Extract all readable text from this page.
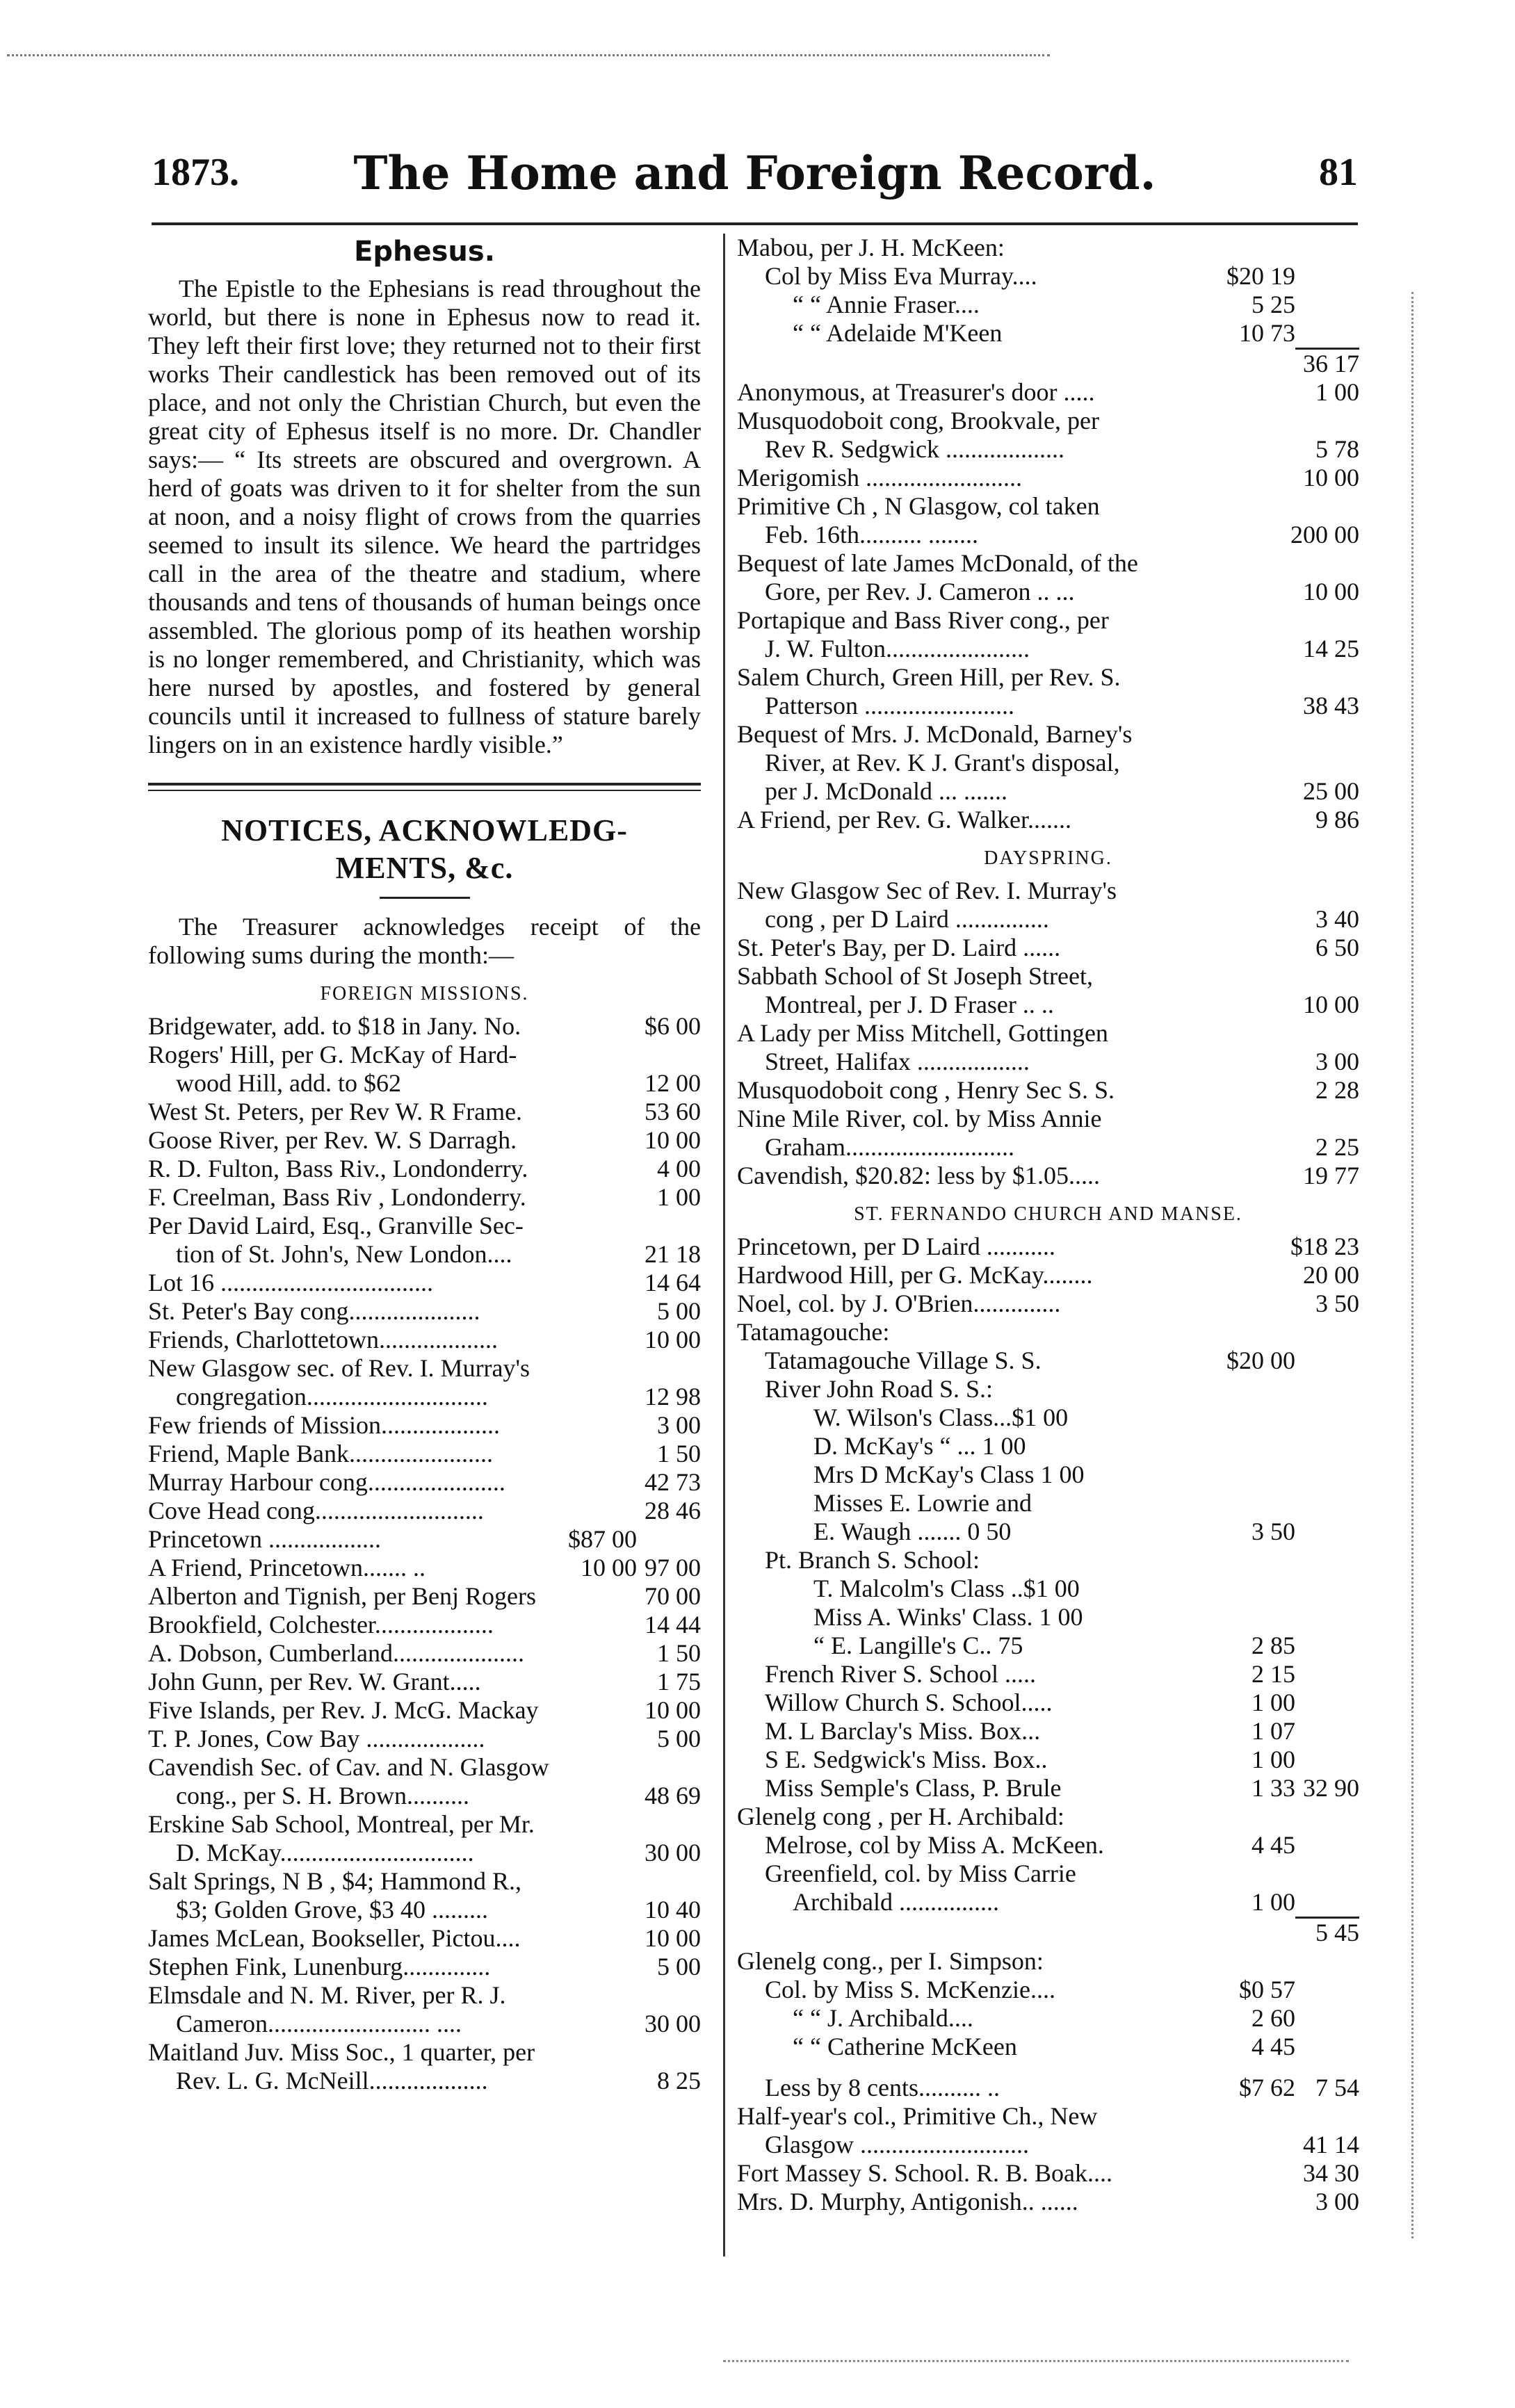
1873.	The Home and Foreign Record.	81
Ephesus.

The Epistle to the Ephesians is read throughout the world, but there is none in Ephesus now to read it. They left their first love; they returned not to their first works Their candlestick has been removed out of its place, and not only the Christian Church, but even the great city of Ephesus itself is no more. Dr. Chandler says:— “ Its streets are obscured and overgrown. A herd of goats was driven to it for shelter from the sun at noon, and a noisy flight of crows from the quarries seemed to insult its silence. We heard the partridges call in the area of the theatre and stadium, where thousands and tens of thousands of human beings once assembled. The glorious pomp of its heathen worship is no longer remembered, and Christianity, which was here nursed by apostles, and fostered by general councils until it increased to fullness of stature barely lingers on in an existence hardly visible.”

NOTICES, ACKNOWLEDG-
MENTS, &c.

The Treasurer acknowledges receipt of the following sums during the month:—

FOREIGN MISSIONS.
Bridgewater, add. to $18 in Jany. No.	$6 00
Rogers' Hill, per G. McKay of Hard-
wood Hill, add. to $62	12 00
West St. Peters, per Rev W. R Frame.	53 60
Goose River, per Rev. W. S Darragh.	10 00
R. D. Fulton, Bass Riv., Londonderry.	4 00
F. Creelman, Bass Riv , Londonderry.	1 00
Per David Laird, Esq., Granville Sec-
tion of St. John's, New London....	21 18
Lot 16 ..................................	14 64
St. Peter's Bay cong.....................	5 00
Friends, Charlottetown...................	10 00
New Glasgow sec. of Rev. I. Murray's
congregation.............................	12 98
Few friends of Mission...................	3 00
Friend, Maple Bank.......................	1 50
Murray Harbour cong......................	42 73
Cove Head cong...........................	28 46
Princetown ..................	$87 00
A Friend, Princetown....... ..	10 00 97 00
Alberton and Tignish, per Benj Rogers	70 00
Brookfield, Colchester...................	14 44
A. Dobson, Cumberland.....................	1 50
John Gunn, per Rev. W. Grant.....	1 75
Five Islands, per Rev. J. McG. Mackay	10 00
T. P. Jones, Cow Bay ...................	5 00
Cavendish Sec. of Cav. and N. Glasgow
cong., per S. H. Brown..........	48 69
Erskine Sab School, Montreal, per Mr.
D. McKay...............................	30 00
Salt Springs, N B , $4; Hammond R.,
$3; Golden Grove, $3 40 .........	10 40
James McLean, Bookseller, Pictou....	10 00
Stephen Fink, Lunenburg..............	5 00
Elmsdale and N. M. River, per R. J.
Cameron.......................... ....	30 00
Maitland Juv. Miss Soc., 1 quarter, per
Rev. L. G. McNeill...................	8 25
Mabou, per J. H. McKeen:
Col by Miss Eva Murray....	$20 19
“ “ Annie Fraser....	5 25
“ “ Adelaide M'Keen	10 73
36 17
Anonymous, at Treasurer's door .....	1 00
Musquodoboit cong, Brookvale, per
Rev R. Sedgwick ...................	5 78
Merigomish .........................	10 00
Primitive Ch , N Glasgow, col taken
Feb. 16th.......... ........	200 00
Bequest of late James McDonald, of the
Gore, per Rev. J. Cameron .. ...	10 00
Portapique and Bass River cong., per
J. W. Fulton.......................	14 25
Salem Church, Green Hill, per Rev. S.
Patterson ........................	38 43
Bequest of Mrs. J. McDonald, Barney's
River, at Rev. K J. Grant's disposal,
per J. McDonald ... .......	25 00
A Friend, per Rev. G. Walker.......	9 86
DAYSPRING.
New Glasgow Sec of Rev. I. Murray's
cong , per D Laird ...............	3 40
St. Peter's Bay, per D. Laird ......	6 50
Sabbath School of St Joseph Street,
Montreal, per J. D Fraser .. ..	10 00
A Lady per Miss Mitchell, Gottingen
Street, Halifax ..................	3 00
Musquodoboit cong , Henry Sec S. S.	2 28
Nine Mile River, col. by Miss Annie
Graham...........................	2 25
Cavendish, $20.82: less by $1.05.....	19 77
ST. FERNANDO CHURCH AND MANSE.
Princetown, per D Laird ...........	$18 23
Hardwood Hill, per G. McKay........	20 00
Noel, col. by J. O'Brien..............	3 50
Tatamagouche:
Tatamagouche Village S. S.	$20 00
River John Road S. S.:
W. Wilson's Class...$1 00
D. McKay's “ ... 1 00
Mrs D McKay's Class 1 00
Misses E. Lowrie and
E. Waugh ....... 0 50	3 50
Pt. Branch S. School:
T. Malcolm's Class ..$1 00
Miss A. Winks' Class. 1 00
“ E. Langille's C.. 75	2 85
French River S. School .....	2 15
Willow Church S. School.....	1 00
M. L Barclay's Miss. Box...	1 07
S E. Sedgwick's Miss. Box..	1 00
Miss Semple's Class, P. Brule	1 33 32 90
Glenelg cong , per H. Archibald:
Melrose, col by Miss A. McKeen.	4 45
Greenfield, col. by Miss Carrie
Archibald ................	1 00
5 45
Glenelg cong., per I. Simpson:
Col. by Miss S. McKenzie....	$0 57
“ “ J. Archibald....	2 60
“ “ Catherine McKeen	4 45
Less by 8 cents.......... ..	$7 62 7 54
Half-year's col., Primitive Ch., New
Glasgow ...........................	41 14
Fort Massey S. School. R. B. Boak....	34 30
Mrs. D. Murphy, Antigonish.. ......	3 00
